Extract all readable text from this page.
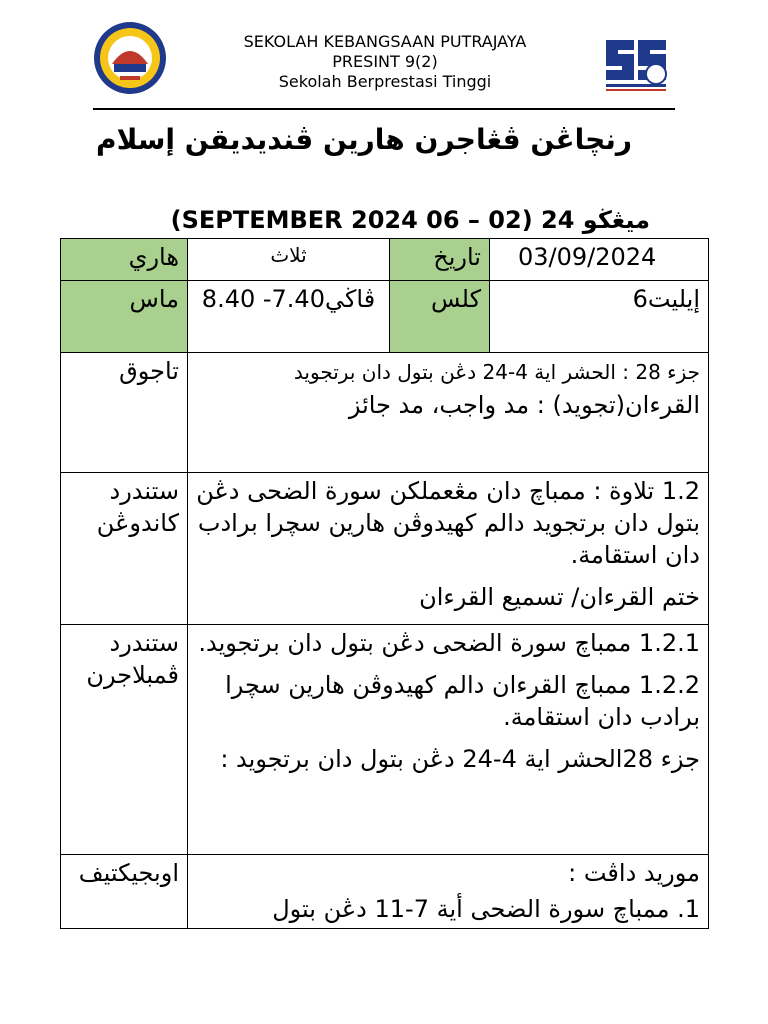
SEKOLAH KEBANGSAAN PUTRAJAYA
PRESINT 9(2)
Sekolah Berprestasi Tinggi
رنچاڠن ڤڠاجرن هارين ڤنديديقن إسلام
ميڠڬو 24 (02 – 06 SEPTEMBER 2024)
هاري	ثلاث	تاريخ	03/09/2024
ماس	ڤاڬي7.40- 8.40	كلس	إيليت6
تاجوق	جزء 28 : الحشر اية 4-24 دڠن بتول دان برتجويد

القرءان(تجويد) : مد واجب، مد جائز		

ستندرد كاندوڠن	1.2 تلاوة : ممباچ دان مڠعملكن سورة الضحى دڠن بتول دان برتجويد دالم كهيدوڤن هارين سچرا برادب دان استقامة.

ختم القرءان/ تسميع القرءان		

ستندرد ڤمبلاجرن	1.2.1 ممباچ سورة الضحى دڠن بتول دان برتجويد.

1.2.2 ممباچ القرءان دالم كهيدوڤن هارين سچرا برادب دان استقامة.

جزء 28الحشر اية 4-24 دڠن بتول دان برتجويد :		

اوبجيكتيف	موريد داڤت :

1. ممباچ سورة الضحى أية 7-11 دڠن بتول		
